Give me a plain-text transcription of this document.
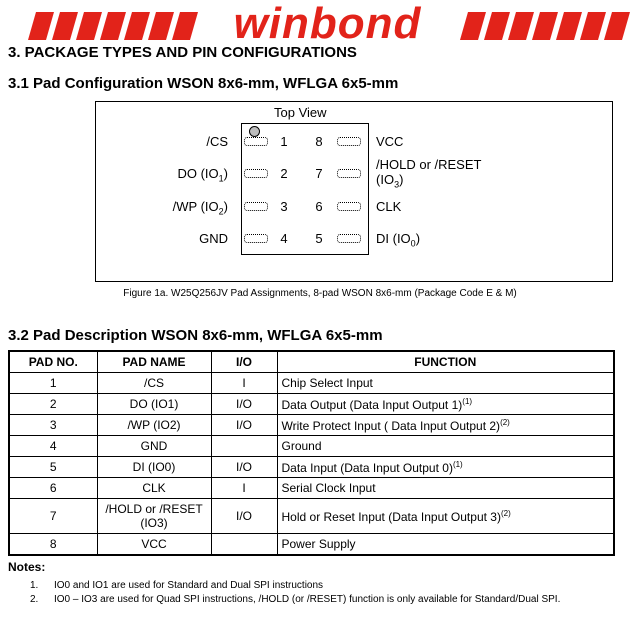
winbond
3. PACKAGE TYPES AND PIN CONFIGURATIONS
3.1 Pad Configuration WSON 8x6-mm, WFLGA 6x5-mm
Top View
/CS	1
DO $(IO_1)$	2
/WP $(IO_2)$	3
GND	4
8	VCC
7
/HOLD or /RESET
$(IO_3)$
6	CLK
5	DI $(IO_0)$
Figure 1a. W25Q256JV Pad Assignments, 8-pad WSON 8x6-mm (Package Code E & M)
3.2 Pad Description WSON 8x6-mm, WFLGA 6x5-mm
PAD NO.	PAD NAME	I/O	FUNCTION
1	/CS	I	Chip Select Input
2	DO (IO1)	I/O	Data Output (Data Input Output 1)$^{(1)}$
3	/WP (IO2)	I/O	Write Protect Input ( Data Input Output 2)$^{(2)}$
4	GND		Ground
5	DI (IO0)	I/O	Data Input (Data Input Output 0)$^{(1)}$
6	CLK	I	Serial Clock Input
7	/HOLD or /RESET
(IO3)	I/O	Hold or Reset Input (Data Input Output 3)$^{(2)}$
8	VCC		Power Supply
Notes:
1. IO0 and IO1 are used for Standard and Dual SPI instructions
2. IO0 – IO3 are used for Quad SPI instructions, /HOLD (or /RESET) function is only available for Standard/Dual SPI.
